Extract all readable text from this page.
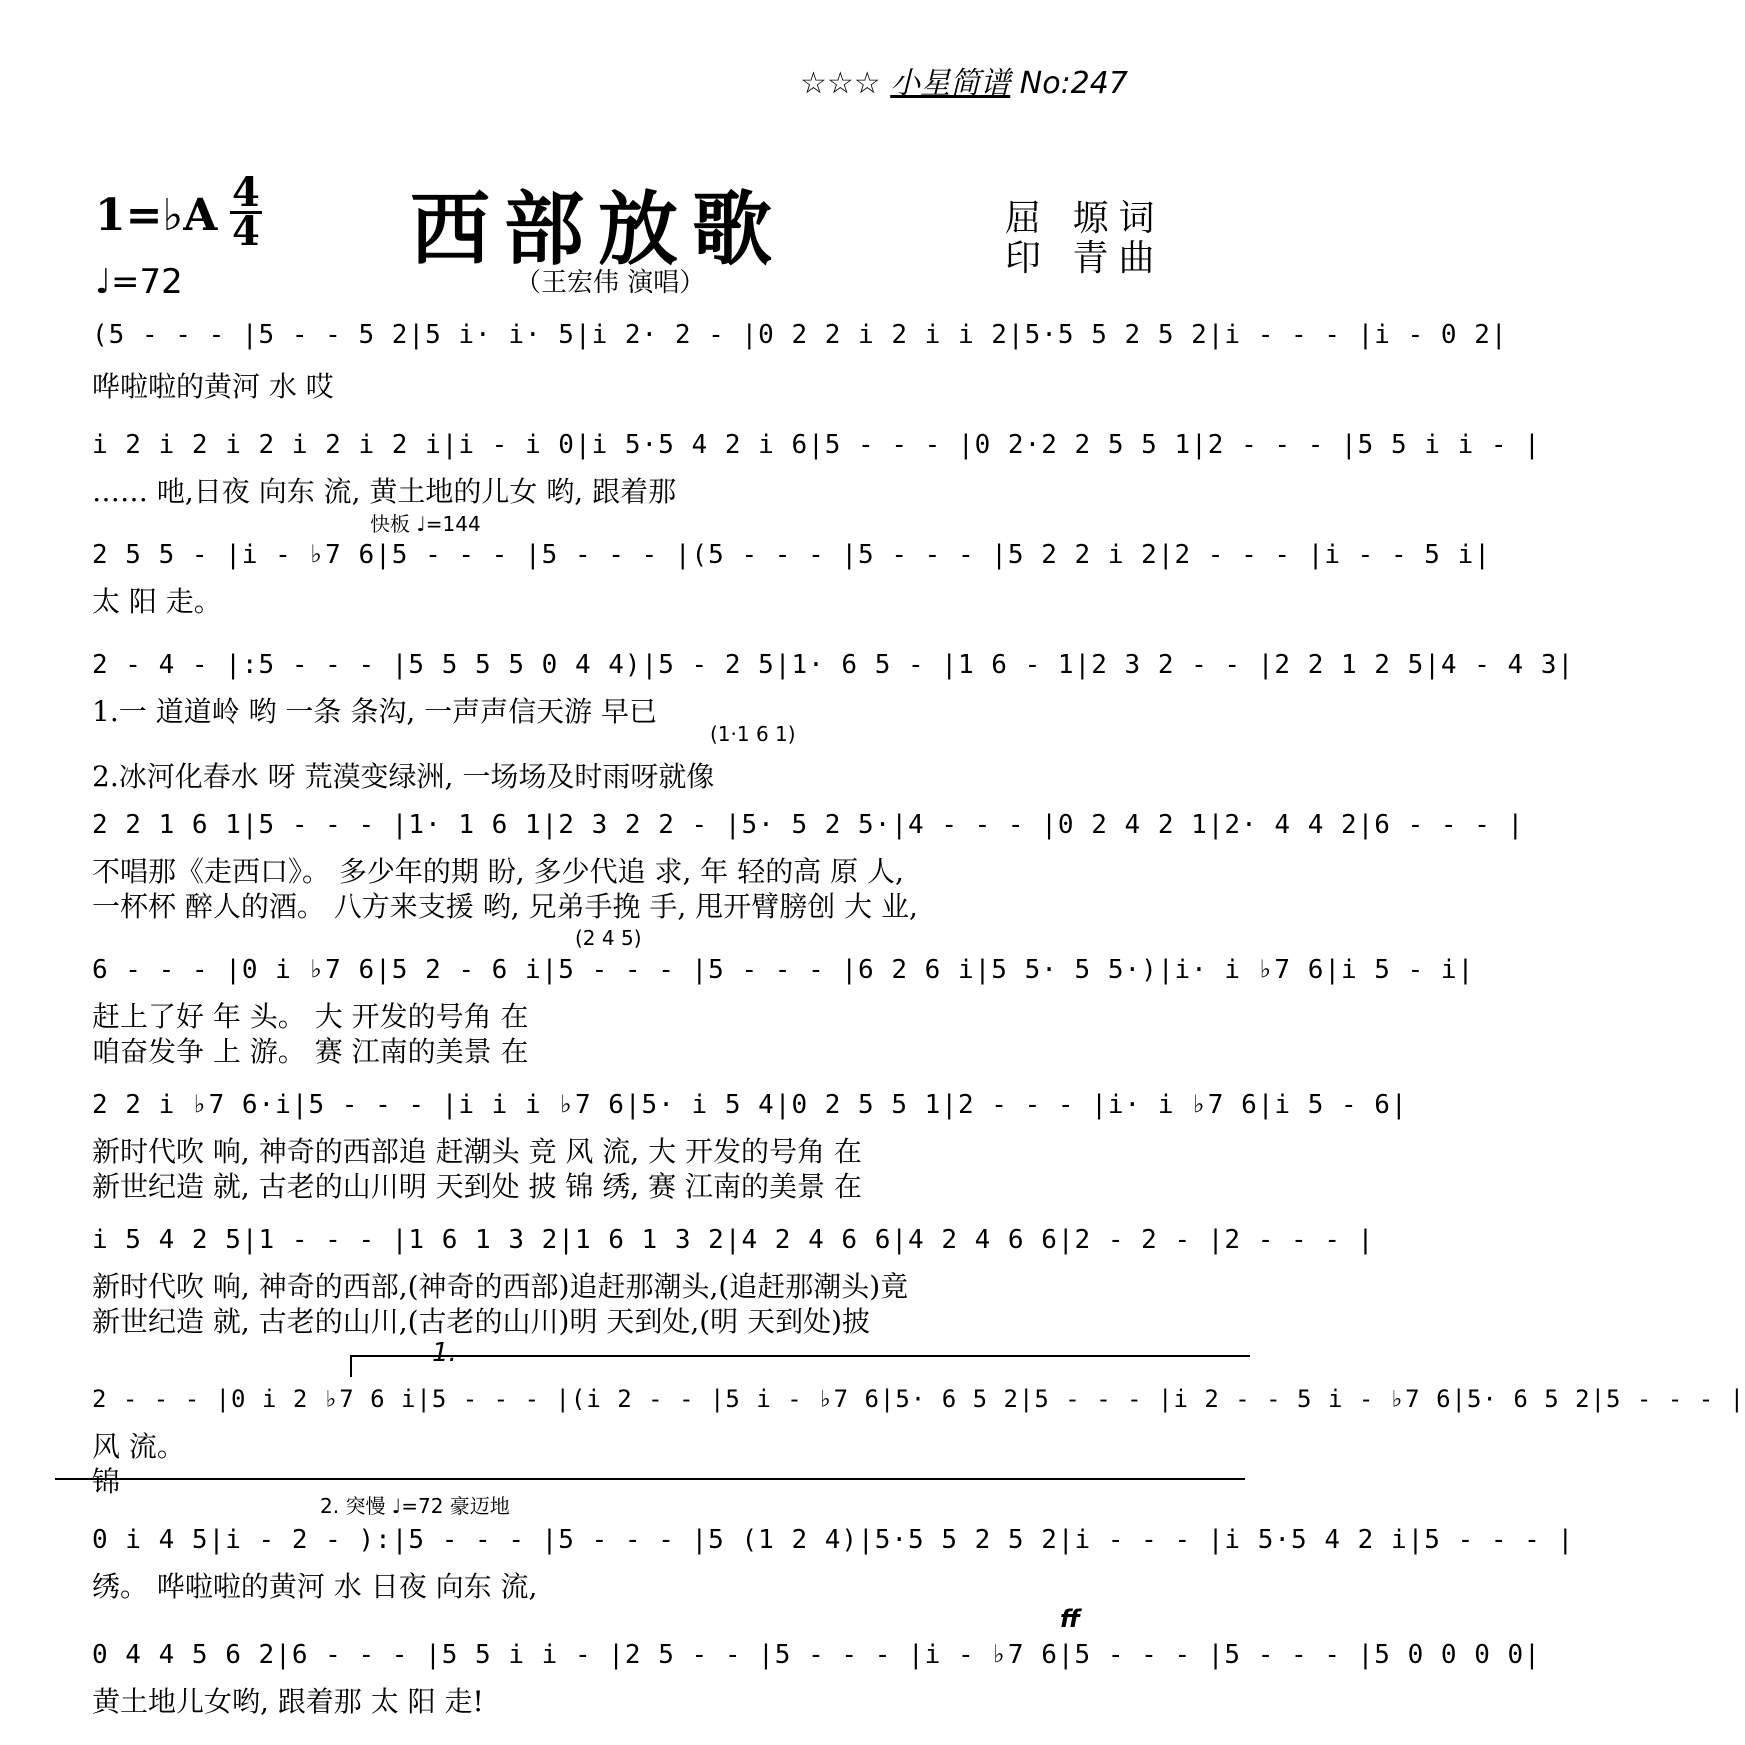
☆☆☆ 小星简谱 No:247
1=♭A 4
4
♩=72
西部放歌
（王宏伟 演唱）
屈 塬词
印 青曲
(5 - - - |5 - - 5 2|5 i· i· 5|i 2· 2 - |0 2 2 i 2 i i 2|5·5 5 2 5 2|i - - - |i - 0 2|
哗啦啦的黄河 水 哎
i 2 i 2 i 2 i 2 i 2 i|i - i 0|i 5·5 4 2 i 6|5 - - - |0 2·2 2 5 5 1|2 - - - |5 5 i i - |
…… 吔,日夜 向东 流, 黄土地的儿女 哟, 跟着那
快板 ♩=144
2 5 5 - |i - ♭7 6|5 - - - |5 - - - |(5 - - - |5 - - - |5 2 2 i 2|2 - - - |i - - 5 i|
太 阳 走。
2 - 4 - |:5 - - - |5 5 5 5 0 4 4)|5 - 2 5|1· 6 5 - |1 6 - 1|2 3 2 - - |2 2 1 2 5|4 - 4 3|
1.一 道道岭 哟 一条 条沟, 一声声信天游 早已
(1·1 6 1)
2.冰河化春水 呀 荒漠变绿洲, 一场场及时雨呀就像
2 2 1 6 1|5 - - - |1· 1 6 1|2 3 2 2 - |5· 5 2 5·|4 - - - |0 2 4 2 1|2· 4 4 2|6 - - - |
不唱那《走西口》。 多少年的期 盼, 多少代追 求, 年 轻的高 原 人,
一杯杯 醉人的酒。 八方来支援 哟, 兄弟手挽 手, 甩开臂膀创 大 业,
(2 4 5)
6 - - - |0 i ♭7 6|5 2 - 6 i|5 - - - |5 - - - |6 2 6 i|5 5· 5 5·)|i· i ♭7 6|i 5 - i|
赶上了好 年 头。 大 开发的号角 在
咱奋发争 上 游。 赛 江南的美景 在
2 2 i ♭7 6·i|5 - - - |i i i ♭7 6|5· i 5 4|0 2 5 5 1|2 - - - |i· i ♭7 6|i 5 - 6|
新时代吹 响, 神奇的西部追 赶潮头 竞 风 流, 大 开发的号角 在
新世纪造 就, 古老的山川明 天到处 披 锦 绣, 赛 江南的美景 在
i 5 4 2 5|1 - - - |1 6 1 3 2|1 6 1 3 2|4 2 4 6 6|4 2 4 6 6|2 - 2 - |2 - - - |
新时代吹 响, 神奇的西部,(神奇的西部)追赶那潮头,(追赶那潮头)竟
新世纪造 就, 古老的山川,(古老的山川)明 天到处,(明 天到处)披
1.
2 - - - |0 i 2 ♭7 6 i|5 - - - |(i 2 - - |5 i - ♭7 6|5· 6 5 2|5 - - - |i 2 - - 5 i - ♭7 6|5· 6 5 2|5 - - - |
风 流。
锦
2. 突慢 ♩=72 豪迈地
0 i 4 5|i - 2 - ):|5 - - - |5 - - - |5 (1 2 4)|5·5 5 2 5 2|i - - - |i 5·5 4 2 i|5 - - - |
绣。 哗啦啦的黄河 水 日夜 向东 流,
ff
0 4 4 5 6 2|6 - - - |5 5 i i - |2 5 - - |5 - - - |i - ♭7 6|5 - - - |5 - - - |5 0 0 0 0|
黄土地儿女哟, 跟着那 太 阳 走!
